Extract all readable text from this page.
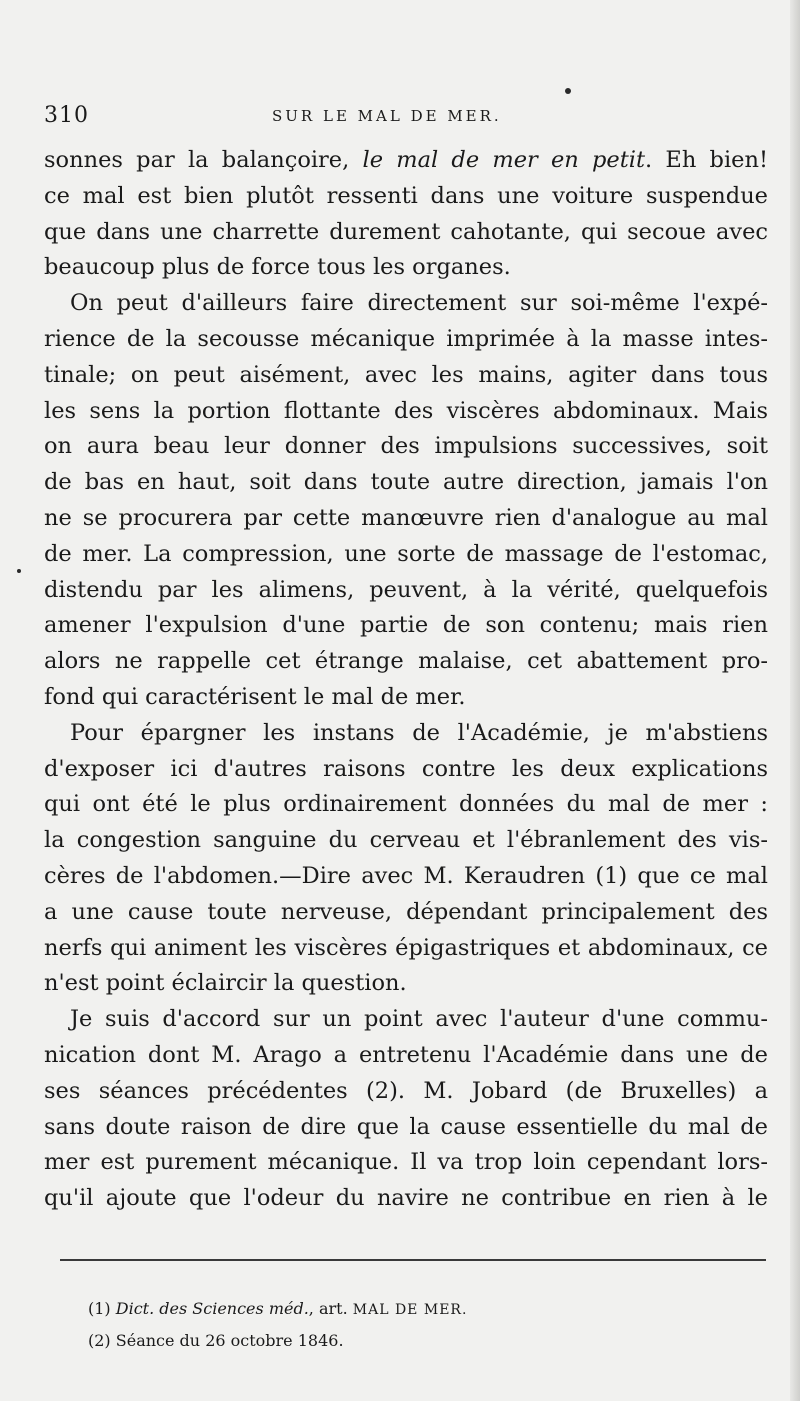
310	SUR LE MAL DE MER.
sonnes par la balançoire, le mal de mer en petit. Eh bien!
ce mal est bien plutôt ressenti dans une voiture suspendue
que dans une charrette durement cahotante, qui secoue avec
beaucoup plus de force tous les organes.
On peut d'ailleurs faire directement sur soi-même l'expé-
rience de la secousse mécanique imprimée à la masse intes-
tinale; on peut aisément, avec les mains, agiter dans tous
les sens la portion flottante des viscères abdominaux. Mais
on aura beau leur donner des impulsions successives, soit
de bas en haut, soit dans toute autre direction, jamais l'on
ne se procurera par cette manœuvre rien d'analogue au mal
de mer. La compression, une sorte de massage de l'estomac,
distendu par les alimens, peuvent, à la vérité, quelquefois
amener l'expulsion d'une partie de son contenu; mais rien
alors ne rappelle cet étrange malaise, cet abattement pro-
fond qui caractérisent le mal de mer.
Pour épargner les instans de l'Académie, je m'abstiens
d'exposer ici d'autres raisons contre les deux explications
qui ont été le plus ordinairement données du mal de mer :
la congestion sanguine du cerveau et l'ébranlement des vis-
cères de l'abdomen.—Dire avec M. Keraudren (1) que ce mal
a une cause toute nerveuse, dépendant principalement des
nerfs qui animent les viscères épigastriques et abdominaux, ce
n'est point éclaircir la question.
Je suis d'accord sur un point avec l'auteur d'une commu-
nication dont M. Arago a entretenu l'Académie dans une de
ses séances précédentes (2). M. Jobard (de Bruxelles) a
sans doute raison de dire que la cause essentielle du mal de
mer est purement mécanique. Il va trop loin cependant lors-
qu'il ajoute que l'odeur du navire ne contribue en rien à le
(1) Dict. des Sciences méd., art. MAL DE MER.
(2) Séance du 26 octobre 1846.
